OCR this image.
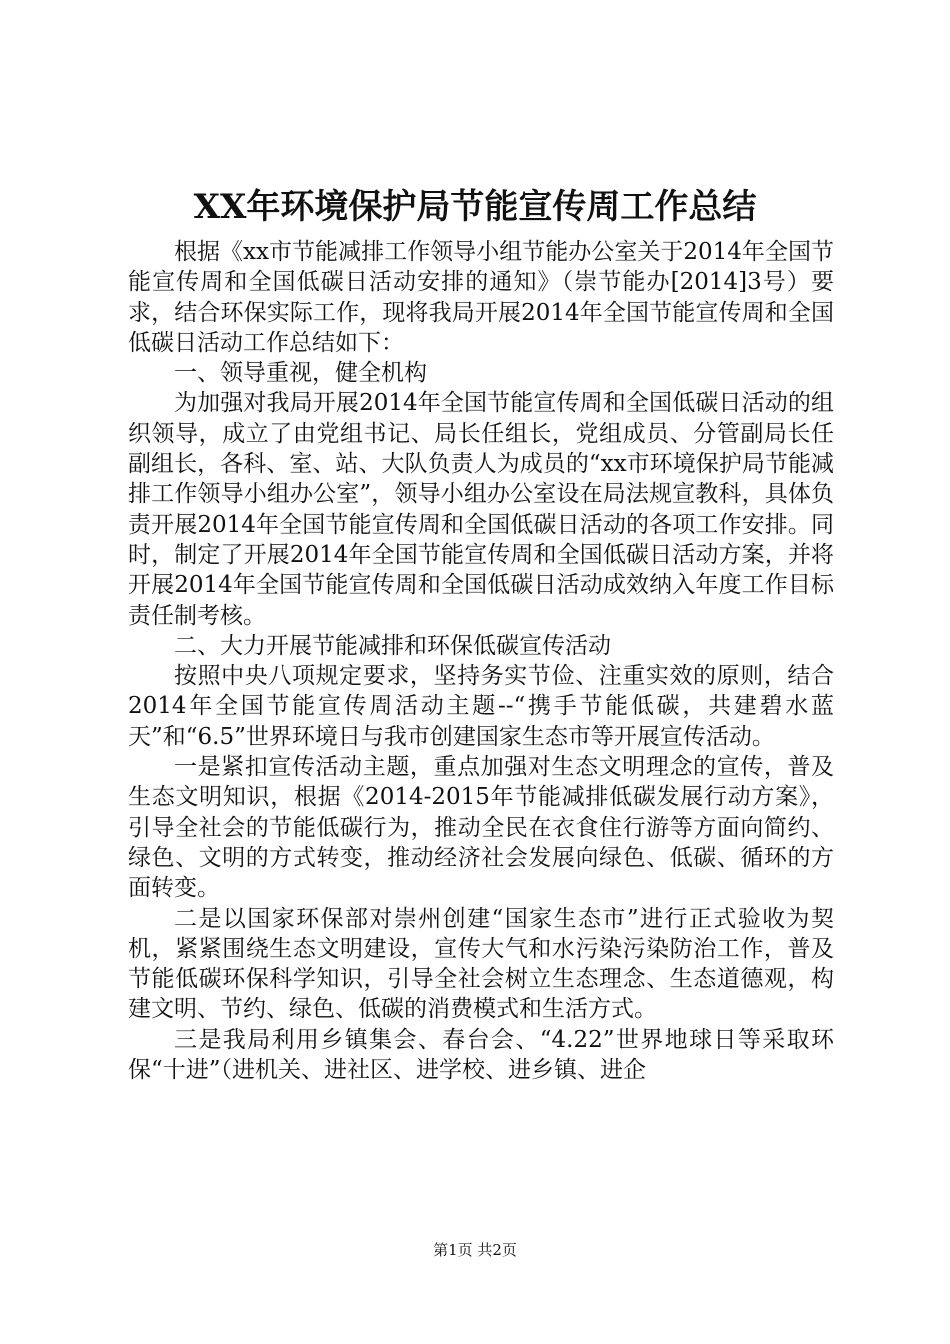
XX年环境保护局节能宣传周工作总结

根据《xx市节能减排工作领导小组节能办公室关于2014年全国节能宣传周和全国低碳日活动安排的通知》（崇节能办[2014]3号）要求，结合环保实际工作，现将我局开展2014年全国节能宣传周和全国低碳日活动工作总结如下：

一、领导重视，健全机构

为加强对我局开展2014年全国节能宣传周和全国低碳日活动的组织领导，成立了由党组书记、局长任组长，党组成员、分管副局长任副组长，各科、室、站、大队负责人为成员的“xx市环境保护局节能减排工作领导小组办公室”，领导小组办公室设在局法规宣教科，具体负责开展2014年全国节能宣传周和全国低碳日活动的各项工作安排。同时，制定了开展2014年全国节能宣传周和全国低碳日活动方案，并将开展2014年全国节能宣传周和全国低碳日活动成效纳入年度工作目标责任制考核。

二、大力开展节能减排和环保低碳宣传活动

按照中央八项规定要求，坚持务实节俭、注重实效的原则，结合2014年全国节能宣传周活动主题--“携手节能低碳，共建碧水蓝天”和“6.5”世界环境日与我市创建国家生态市等开展宣传活动。

一是紧扣宣传活动主题，重点加强对生态文明理念的宣传，普及生态文明知识，根据《2014-2015年节能减排低碳发展行动方案》，引导全社会的节能低碳行为，推动全民在衣食住行游等方面向简约、绿色、文明的方式转变，推动经济社会发展向绿色、低碳、循环的方面转变。

二是以国家环保部对崇州创建“国家生态市”进行正式验收为契机，紧紧围绕生态文明建设，宣传大气和水污染污染防治工作，普及节能低碳环保科学知识，引导全社会树立生态理念、生态道德观，构建文明、节约、绿色、低碳的消费模式和生活方式。

三是我局利用乡镇集会、春台会、“4.22”世界地球日等采取环保“十进”（进机关、进社区、进学校、进乡镇、进企

第1页 共2页
